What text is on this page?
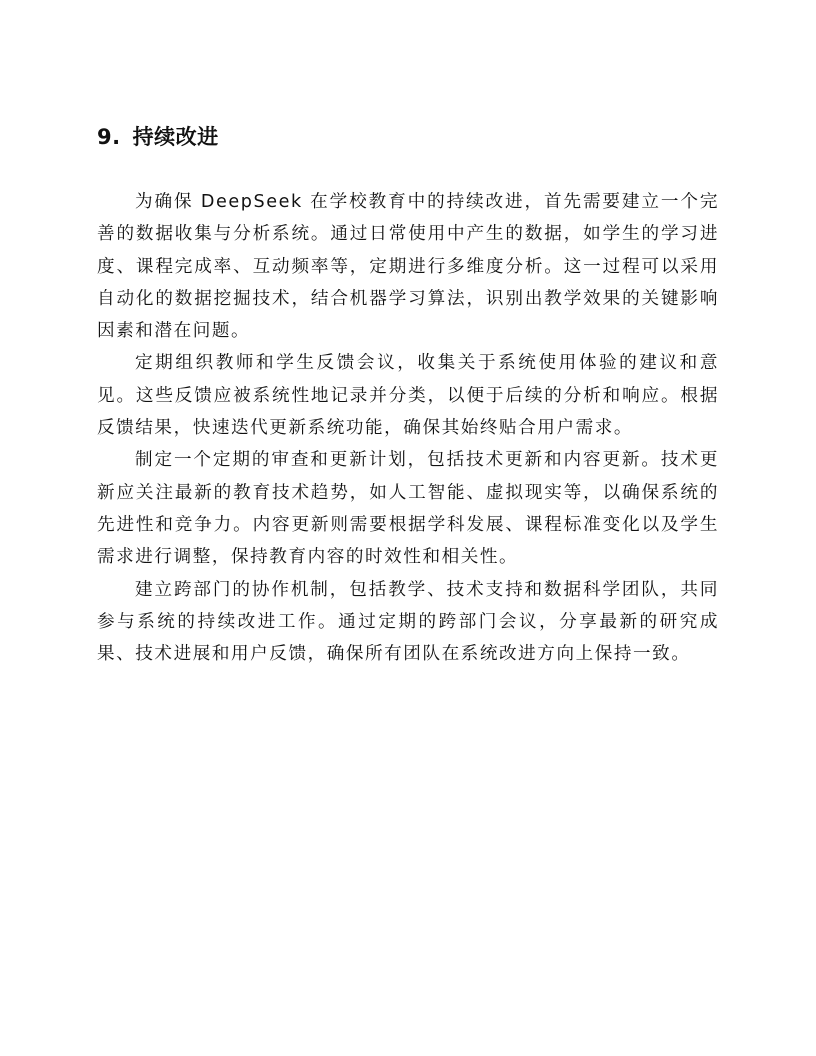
9. 持续改进

为确保 DeepSeek 在学校教育中的持续改进，首先需要建立一个完善的数据收集与分析系统。通过日常使用中产生的数据，如学生的学习进度、课程完成率、互动频率等，定期进行多维度分析。这一过程可以采用自动化的数据挖掘技术，结合机器学习算法，识别出教学效果的关键影响因素和潜在问题。

定期组织教师和学生反馈会议，收集关于系统使用体验的建议和意见。这些反馈应被系统性地记录并分类，以便于后续的分析和响应。根据反馈结果，快速迭代更新系统功能，确保其始终贴合用户需求。

制定一个定期的审查和更新计划，包括技术更新和内容更新。技术更新应关注最新的教育技术趋势，如人工智能、虚拟现实等，以确保系统的先进性和竞争力。内容更新则需要根据学科发展、课程标准变化以及学生需求进行调整，保持教育内容的时效性和相关性。

建立跨部门的协作机制，包括教学、技术支持和数据科学团队，共同参与系统的持续改进工作。通过定期的跨部门会议，分享最新的研究成果、技术进展和用户反馈，确保所有团队在系统改进方向上保持一致。
